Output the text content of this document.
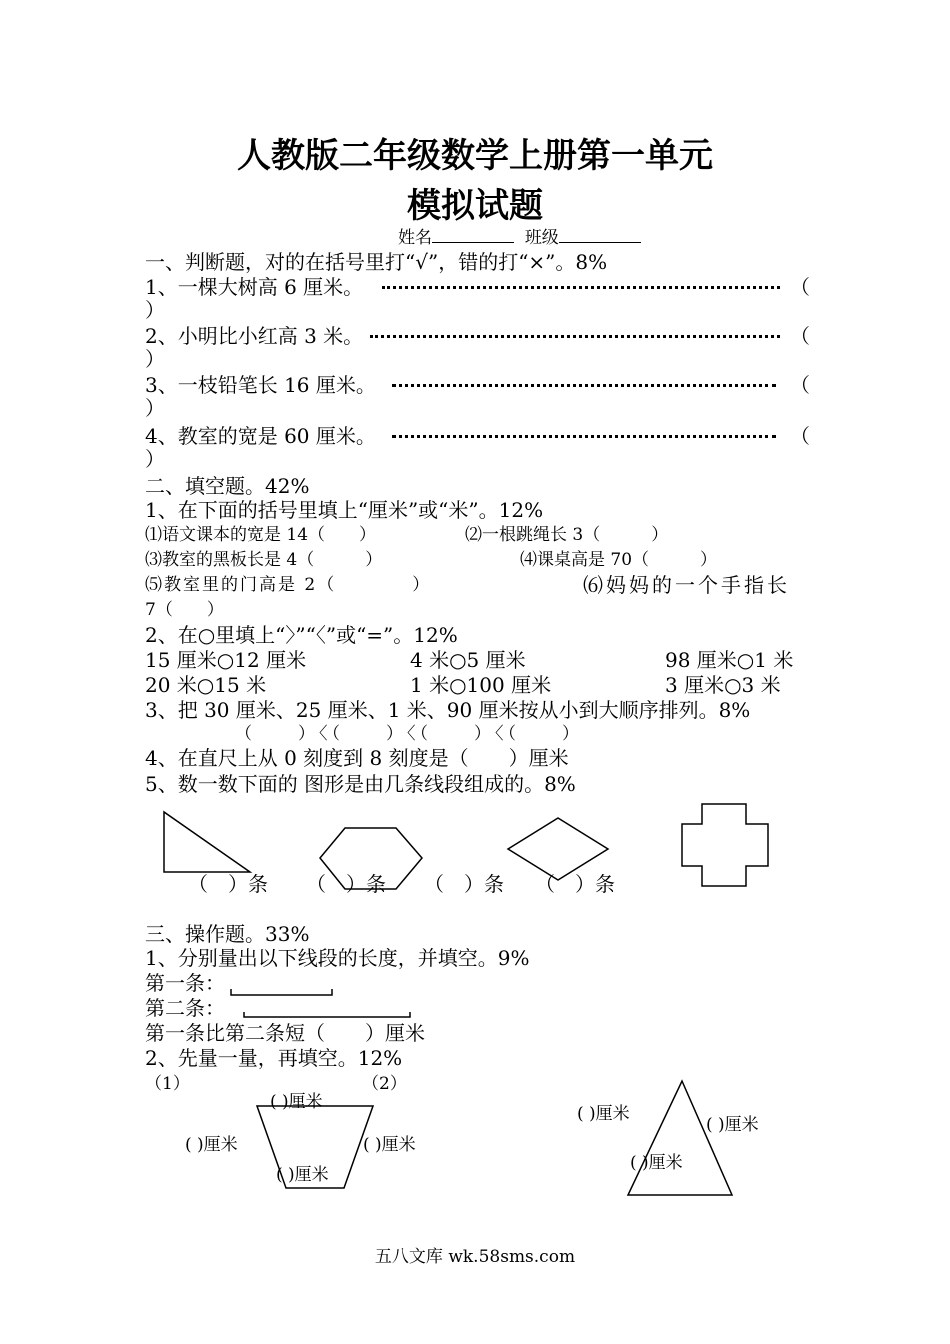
人教版二年级数学上册第一单元
模拟试题
姓名	班级
一、判断题，对的在括号里打“√”，错的打“×”。8%
1、一棵大树高 6 厘米。	（
）
2、小明比小红高 3 米。	（
）
3、一枝铅笔长 16 厘米。	（
）
4、教室的宽是 60 厘米。	（
）
二、填空题。42%
1、在下面的括号里填上“厘米”或“米”。12%
⑴语文课本的宽是 14（　　）	⑵一根跳绳长 3（　　　）
⑶教室的黑板长是 4（　　　）	⑷课桌高是 70（　　　）
⑸教室里的门高是 2（　　　　）	⑹妈妈的一个手指长
7（　　）
2、在○里填上“〉”“〈”或“=”。12%
15 厘米○12 厘米	4 米○5 厘米	98 厘米○1 米
20 米○15 米	1 米○100 厘米	3 厘米○3 米
3、把 30 厘米、25 厘米、1 米、90 厘米按从小到大顺序排列。8%
（　　）〈（　　）〈（　　）〈（　　）
4、在直尺上从 0 刻度到 8 刻度是（　　）厘米
5、数一数下面的 图形是由几条线段组成的。8%
（　）条 （　）条 （　）条 （　）条
三、操作题。33%
1、分别量出以下线段的长度，并填空。9%
第一条：
第二条：
第一条比第二条短（　　）厘米
2、先量一量，再填空。12%
（1）	（2）
( )厘米
( )厘米	( )厘米
( )厘米
( )厘米
( )厘米
( )厘米
五八文库 wk.58sms.com
